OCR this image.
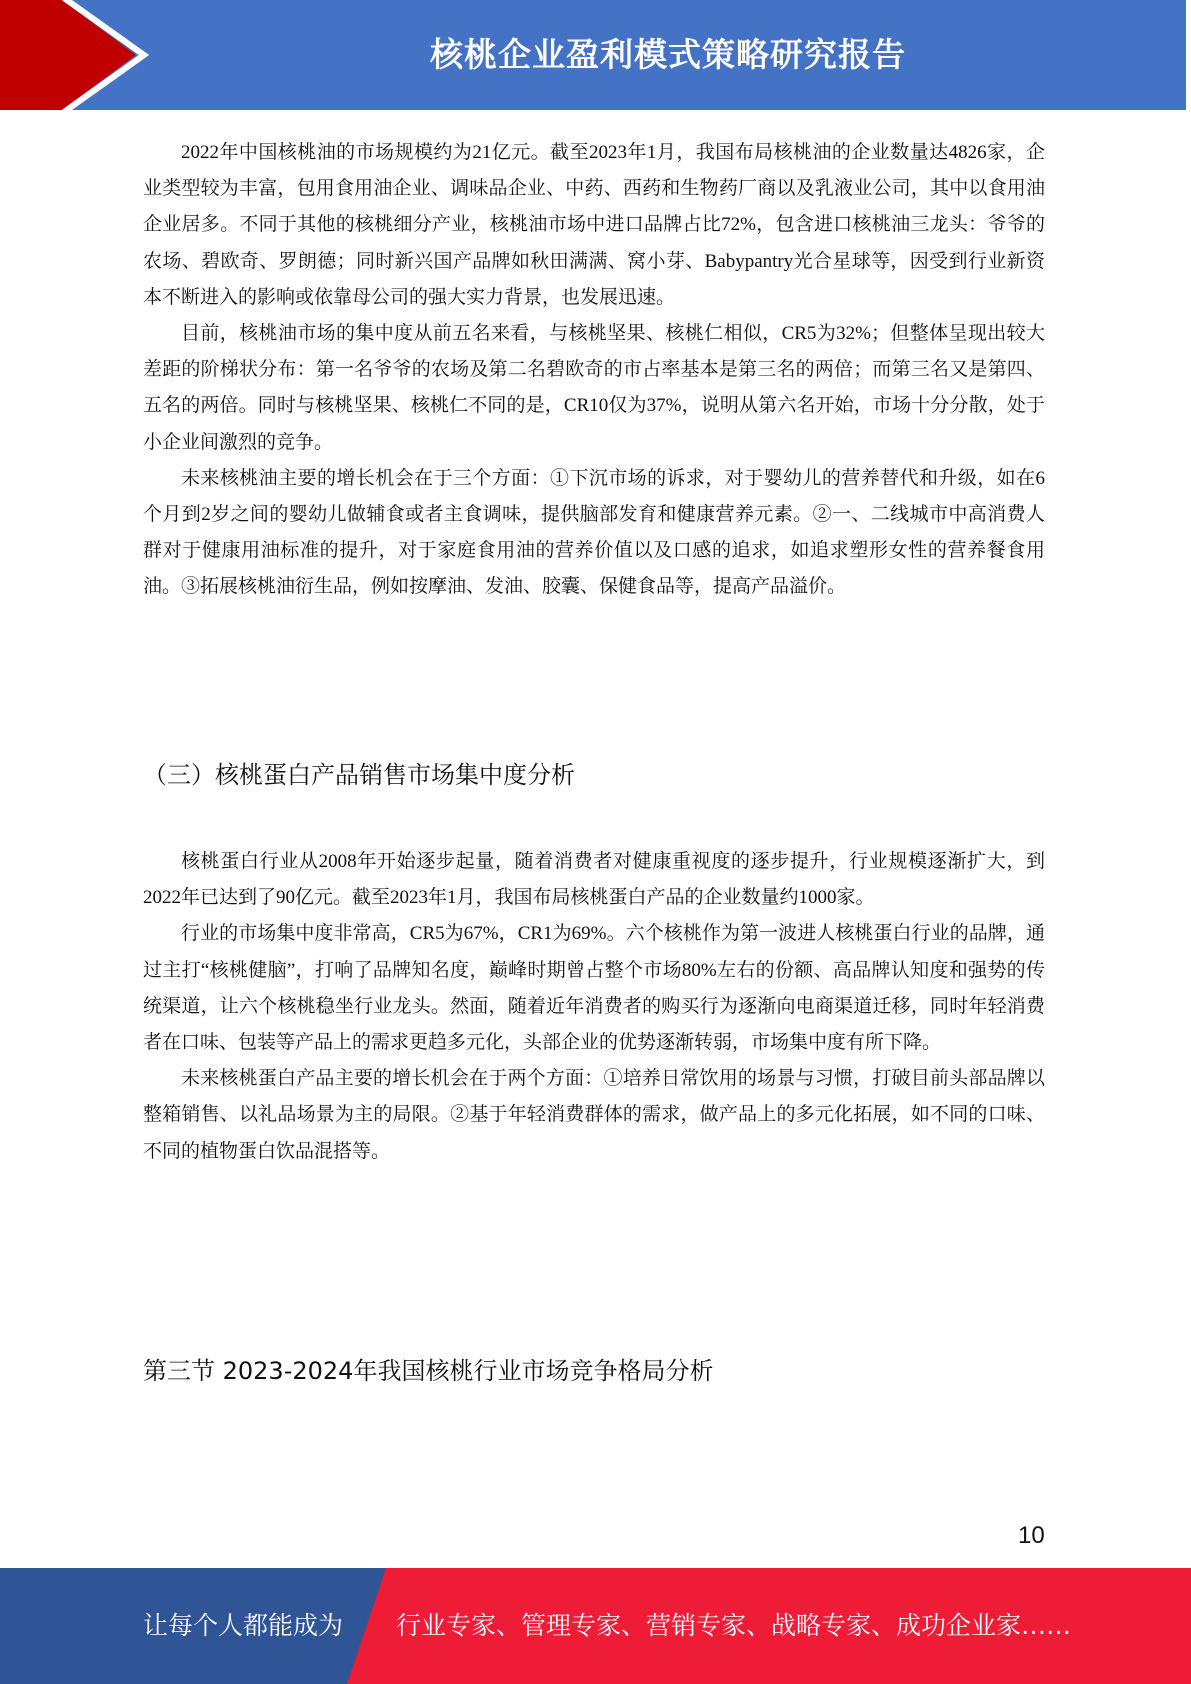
核桃企业盈利模式策略研究报告

2022年中国核桃油的市场规模约为21亿元。截至2023年1月，我国布局核桃油的企业数量达4826家，企业类型较为丰富，包用食用油企业、调味品企业、中药、西药和生物药厂商以及乳液业公司，其中以食用油企业居多。不同于其他的核桃细分产业，核桃油市场中进口品牌占比72%，包含进口核桃油三龙头：爷爷的农场、碧欧奇、罗朗德；同时新兴国产品牌如秋田满满、窝小芽、Babypantry光合星球等，因受到行业新资本不断进入的影响或依靠母公司的强大实力背景，也发展迅速。

目前，核桃油市场的集中度从前五名来看，与核桃坚果、核桃仁相似，CR5为32%；但整体呈现出较大差距的阶梯状分布：第一名爷爷的农场及第二名碧欧奇的市占率基本是第三名的两倍；而第三名又是第四、五名的两倍。同时与核桃坚果、核桃仁不同的是，CR10仅为37%，说明从第六名开始，市场十分分散，处于小企业间激烈的竞争。

未来核桃油主要的增长机会在于三个方面：①下沉市场的诉求，对于婴幼儿的营养替代和升级，如在6个月到2岁之间的婴幼儿做辅食或者主食调味，提供脑部发育和健康营养元素。②一、二线城市中高消费人群对于健康用油标准的提升，对于家庭食用油的营养价值以及口感的追求，如追求塑形女性的营养餐食用油。③拓展核桃油衍生品，例如按摩油、发油、胶囊、保健食品等，提高产品溢价。

（三）核桃蛋白产品销售市场集中度分析

核桃蛋白行业从2008年开始逐步起量，随着消费者对健康重视度的逐步提升，行业规模逐渐扩大，到2022年已达到了90亿元。截至2023年1月，我国布局核桃蛋白产品的企业数量约1000家。

行业的市场集中度非常高，CR5为67%，CR1为69%。六个核桃作为第一波进人核桃蛋白行业的品牌，通过主打“核桃健脑”，打响了品牌知名度，巅峰时期曾占整个市场80%左右的份额、高品牌认知度和强势的传统渠道，让六个核桃稳坐行业龙头。然面，随着近年消费者的购买行为逐渐向电商渠道迁移，同时年轻消费者在口味、包装等产品上的需求更趋多元化，头部企业的优势逐渐转弱，市场集中度有所下降。

未来核桃蛋白产品主要的增长机会在于两个方面：①培养日常饮用的场景与习惯，打破目前头部品牌以整箱销售、以礼品场景为主的局限。②基于年轻消费群体的需求，做产品上的多元化拓展，如不同的口味、不同的植物蛋白饮品混搭等。

第三节 2023-2024年我国核桃行业市场竞争格局分析
10
让每个人都能成为 行业专家、管理专家、营销专家、战略专家、成功企业家……
